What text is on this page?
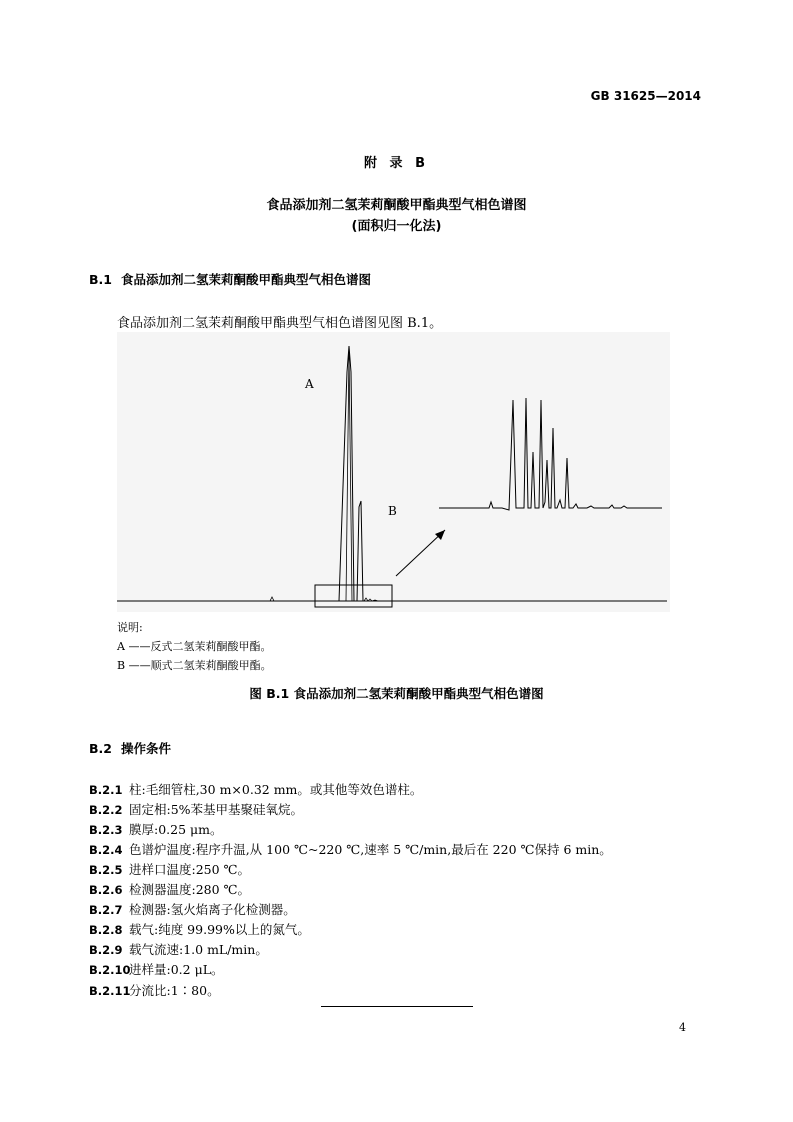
GB 31625—2014
附 录 B
食品添加剂二氢茉莉酮酸甲酯典型气相色谱图
(面积归一化法)
B.1 食品添加剂二氢茉莉酮酸甲酯典型气相色谱图
食品添加剂二氢茉莉酮酸甲酯典型气相色谱图见图 B.1。
A
B
说明:
A ——反式二氢茉莉酮酸甲酯。
B ——顺式二氢茉莉酮酸甲酯。
图 B.1 食品添加剂二氢茉莉酮酸甲酯典型气相色谱图
B.2 操作条件
B.2.1 柱:毛细管柱,30 m×0.32 mm。或其他等效色谱柱。
B.2.2 固定相:5%苯基甲基聚硅氧烷。
B.2.3 膜厚:0.25 μm。
B.2.4 色谱炉温度:程序升温,从 100 ℃~220 ℃,速率 5 ℃/min,最后在 220 ℃保持 6 min。
B.2.5 进样口温度:250 ℃。
B.2.6 检测器温度:280 ℃。
B.2.7 检测器:氢火焰离子化检测器。
B.2.8 载气:纯度 99.99%以上的氮气。
B.2.9 载气流速:1.0 mL/min。
B.2.10进样量:0.2 μL。
B.2.11分流比:1∶80。
4
